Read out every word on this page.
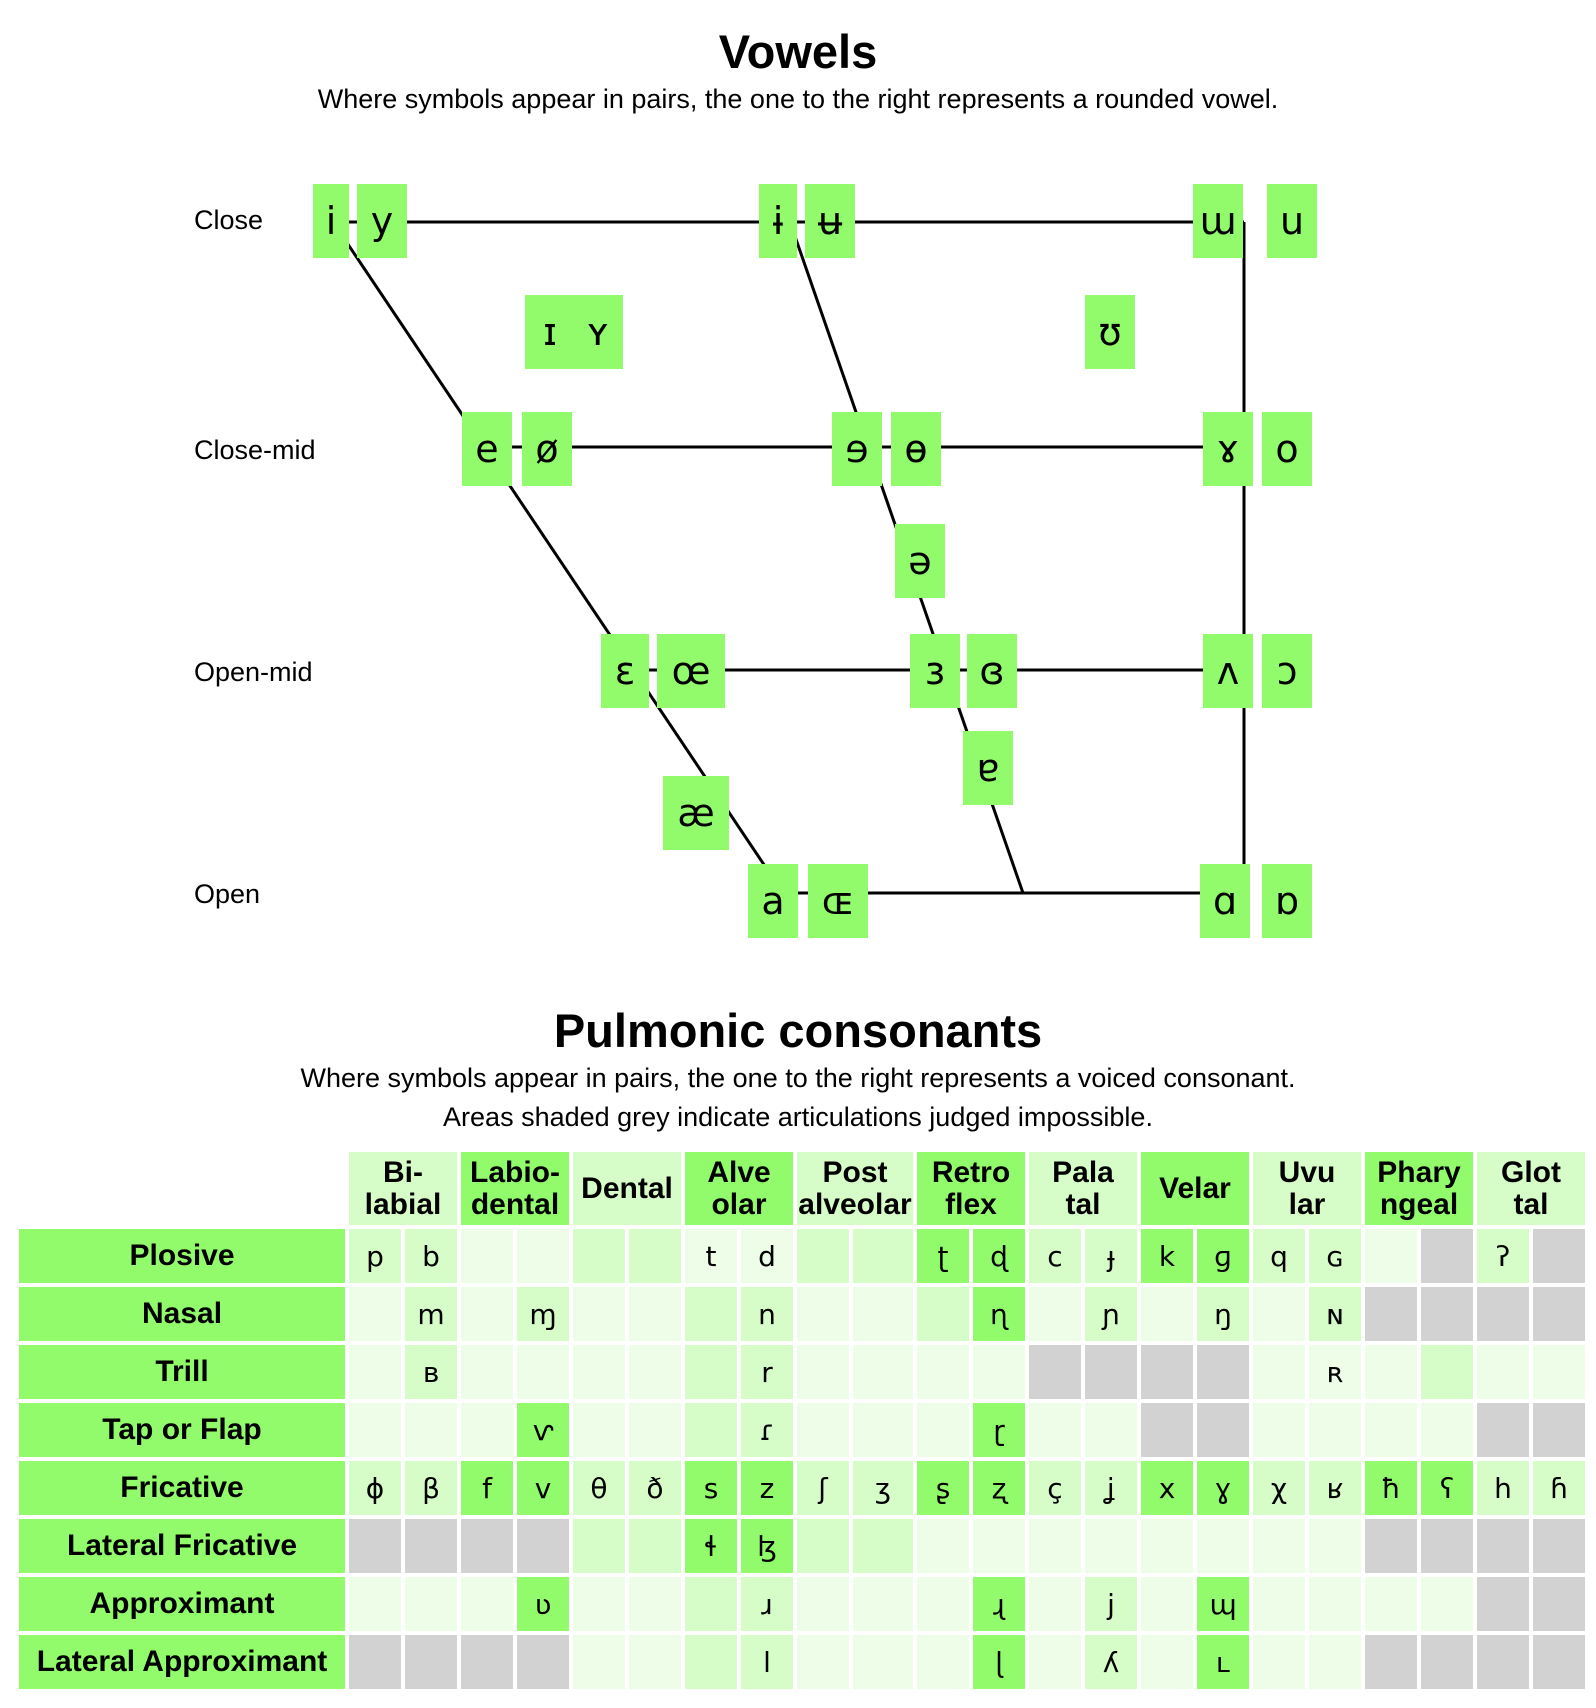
Vowels

Where symbols appear in pairs, the one to the right represents a rounded vowel.

Close
Close-mid
Open-mid
Open
i y	ɨ ʉ	ɯ	u
ɪ ʏ	ʊ
e ø	ɘ ɵ	ɤ o
ə
ɛ œ	ɜ ɞ	ʌ ɔ
ɐ
æ
a ɶ	ɑ ɒ
Pulmonic consonants

Where symbols appear in pairs, the one to the right represents a voiced consonant.

Areas shaded grey indicate articulations judged impossible.

	Bi-
labial		Labio-
dental		Dental		Alve
olar		Post
alveolar		Retro
flex		Pala
tal		Velar		Uvu
lar		Phary
ngeal		Glot
tal	
Plosive	p	b					t	d			ʈ	ɖ	c	ɟ	k	ɡ	q	ɢ			ʔ	
Nasal		m		ɱ				n				ɳ		ɲ		ŋ		ɴ				
Trill		ʙ						r										ʀ				
Tap or Flap				ⱱ				ɾ				ɽ										
Fricative	ɸ	β	f	v	θ	ð	s	z	ʃ	ʒ	ʂ	ʐ	ç	ʝ	x	ɣ	χ	ʁ	ħ	ʕ	h	ɦ
Lateral Fricative							ɬ	ɮ														
Approximant				ʋ				ɹ				ɻ		j		ɰ						
Lateral Approximant								l				ɭ		ʎ		ʟ						
